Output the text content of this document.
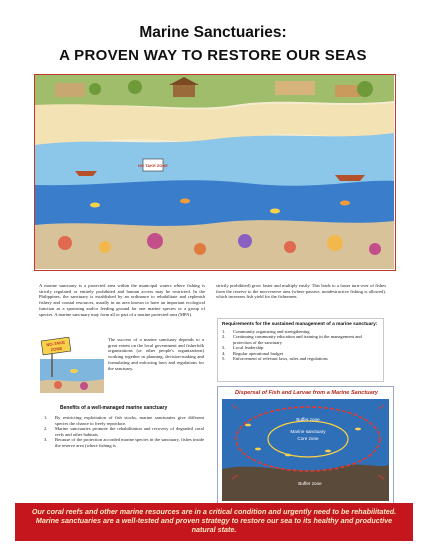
Marine Sanctuaries:
A PROVEN WAY TO RESTORE OUR SEAS
NO TAKE ZONE

A marine sanctuary is a protected area within the municipal waters where fishing is strictly regulated or entirely prohibited and human access may be restricted. In the Philippines, the sanctuary is established by an ordinance to rehabilitate and replenish fishery and coastal resources, usually in an area known to have an important ecological function as a spawning and/or feeding ground for one marine species or a group of species. A marine sanctuary may form all or part of a marine protected area (MPA).

strictly prohibited) grow faster and multiply easily. This leads to a faster turn-over of fishes from the reserve to the non-reserve area (where passive, nondestructive fishing is allowed), which increases fish yield for the fishermen.

Requirements for the sustained management of a marine sanctuary:
1.	Community organizing and strengthening
2.	Continuing community education and training in the management and protection of the sanctuary
3.	Local leadership
4.	Regular operational budget
5.	Enforcement of relevant laws, rules and regulations
NO-TAKE
ZONE

The success of a marine sanctuary depends to a great extent on the local government and fisherfolk organizations (or other people's organizations) working together in planning, decision-making and formulating and enforcing laws and regulations for the sanctuary.

Benefits of a well-managed marine sanctuary
1.	By restricting exploitation of fish stocks, marine sanctuaries give different species the chance to freely reproduce.
2.	Marine sanctuaries promote the rehabilitation and recovery of degraded coral reefs and other habitats.
3.	Because of the protection accorded marine species in the sanctuary, fishes inside the reserve area (where fishing is
Dispersal of Fish and Larvae from a Marine Sanctuary
Buffer zone
Marine sanctuary
Core zone
Buffer zone
Our coral reefs and other marine resources are in a critical condition and urgently need to be rehabilitated. Marine sanctuaries are a well-tested and proven strategy to restore our sea to its healthy and productive natural state.
